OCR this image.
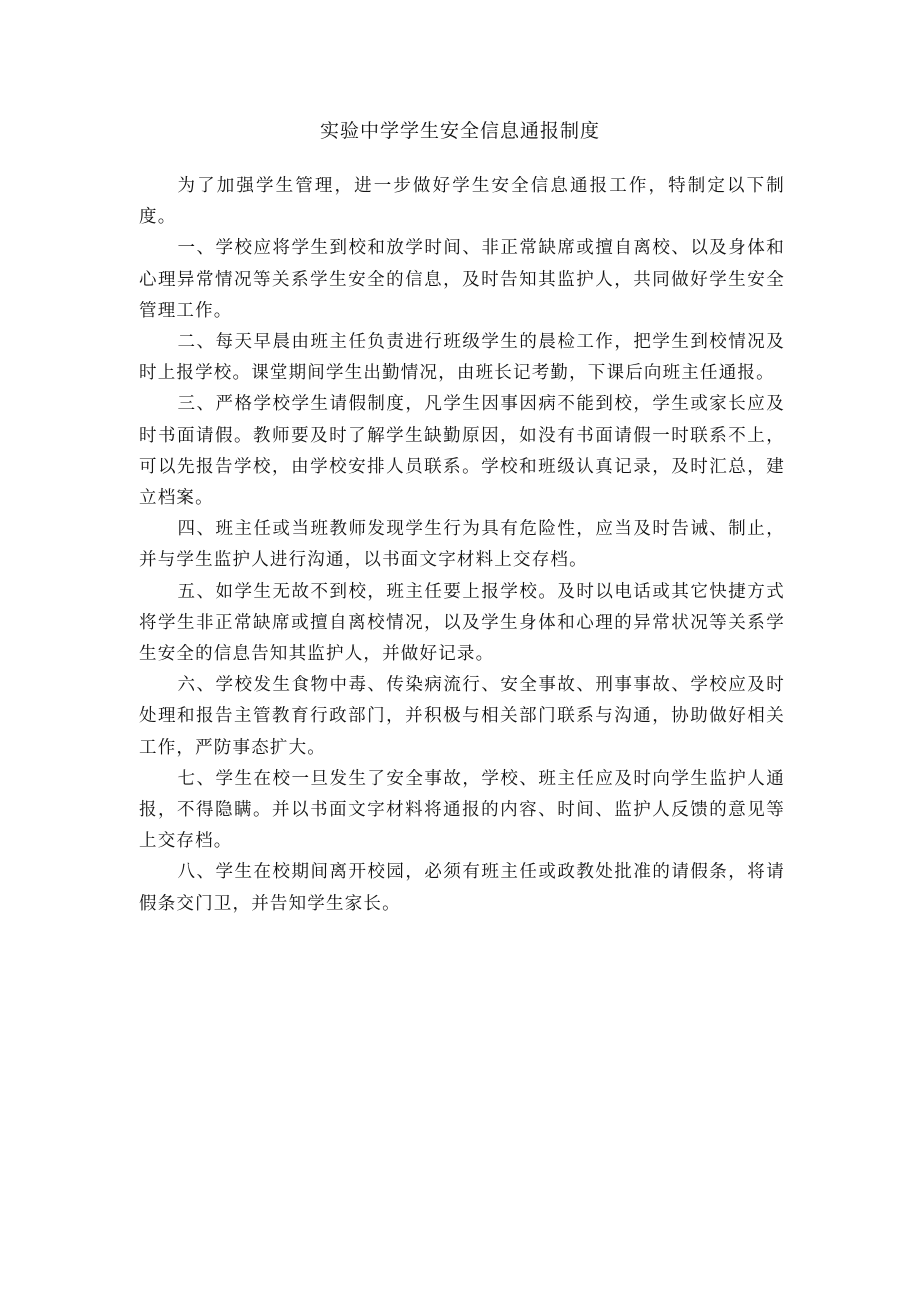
实验中学学生安全信息通报制度

为了加强学生管理，进一步做好学生安全信息通报工作，特制定以下制度。

一、学校应将学生到校和放学时间、非正常缺席或擅自离校、以及身体和心理异常情况等关系学生安全的信息，及时告知其监护人，共同做好学生安全管理工作。

二、每天早晨由班主任负责进行班级学生的晨检工作，把学生到校情况及时上报学校。课堂期间学生出勤情况，由班长记考勤，下课后向班主任通报。

三、严格学校学生请假制度，凡学生因事因病不能到校，学生或家长应及时书面请假。教师要及时了解学生缺勤原因，如没有书面请假一时联系不上，可以先报告学校，由学校安排人员联系。学校和班级认真记录，及时汇总，建立档案。

四、班主任或当班教师发现学生行为具有危险性，应当及时告诫、制止，并与学生监护人进行沟通，以书面文字材料上交存档。

五、如学生无故不到校，班主任要上报学校。及时以电话或其它快捷方式将学生非正常缺席或擅自离校情况，以及学生身体和心理的异常状况等关系学生安全的信息告知其监护人，并做好记录。

六、学校发生食物中毒、传染病流行、安全事故、刑事事故、学校应及时处理和报告主管教育行政部门，并积极与相关部门联系与沟通，协助做好相关工作，严防事态扩大。

七、学生在校一旦发生了安全事故，学校、班主任应及时向学生监护人通报，不得隐瞒。并以书面文字材料将通报的内容、时间、监护人反馈的意见等上交存档。

八、学生在校期间离开校园，必须有班主任或政教处批准的请假条，将请假条交门卫，并告知学生家长。
